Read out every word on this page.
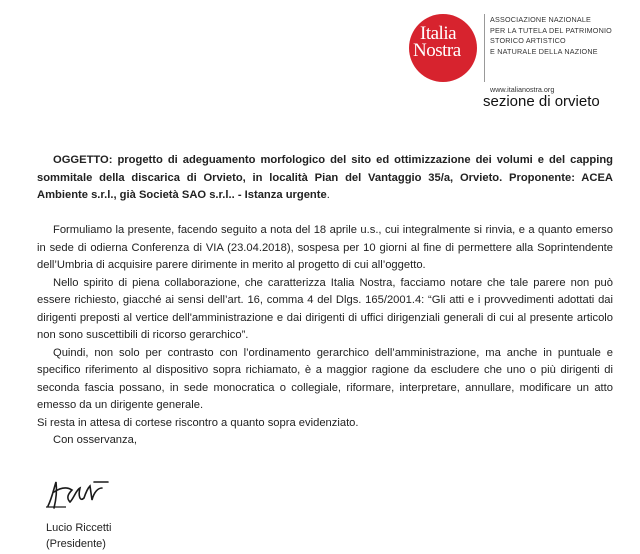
Italia
Nostra
ASSOCIAZIONE NAZIONALE
PER LA TUTELA DEL PATRIMONIO
STORICO ARTISTICO
E NATURALE DELLA NAZIONE
www.italianostra.org
sezione di orvieto
OGGETTO: progetto di adeguamento morfologico del sito ed ottimizzazione dei volumi e del capping sommitale della discarica di Orvieto, in località Pian del Vantaggio 35/a, Orvieto. Proponente: ACEA Ambiente s.r.l., già Società SAO s.r.l.. - Istanza urgente.

Formuliamo la presente, facendo seguito a nota del 18 aprile u.s., cui integralmente si rinvia, e a quanto emerso in sede di odierna Conferenza di VIA (23.04.2018), sospesa per 10 giorni al fine di permettere alla Soprintendente dell’Umbria di acquisire parere dirimente in merito al progetto di cui all’oggetto.

Nello spirito di piena collaborazione, che caratterizza Italia Nostra, facciamo notare che tale parere non può essere richiesto, giacché ai sensi dell’art. 16, comma 4 del Dlgs. 165/2001.4: “Gli atti e i provvedimenti adottati dai dirigenti preposti al vertice dell'amministrazione e dai dirigenti di uffici dirigenziali generali di cui al presente articolo non sono suscettibili di ricorso gerarchico”.

Quindi, non solo per contrasto con l’ordinamento gerarchico dell’amministrazione, ma anche in puntuale e specifico riferimento al dispositivo sopra richiamato, è a maggior ragione da escludere che uno o più dirigenti di seconda fascia possano, in sede monocratica o collegiale, riformare, interpretare, annullare, modificare un atto emesso da un dirigente generale.

Si resta in attesa di cortese riscontro a quanto sopra evidenziato.

Con osservanza,

Lucio Riccetti
(Presidente)
